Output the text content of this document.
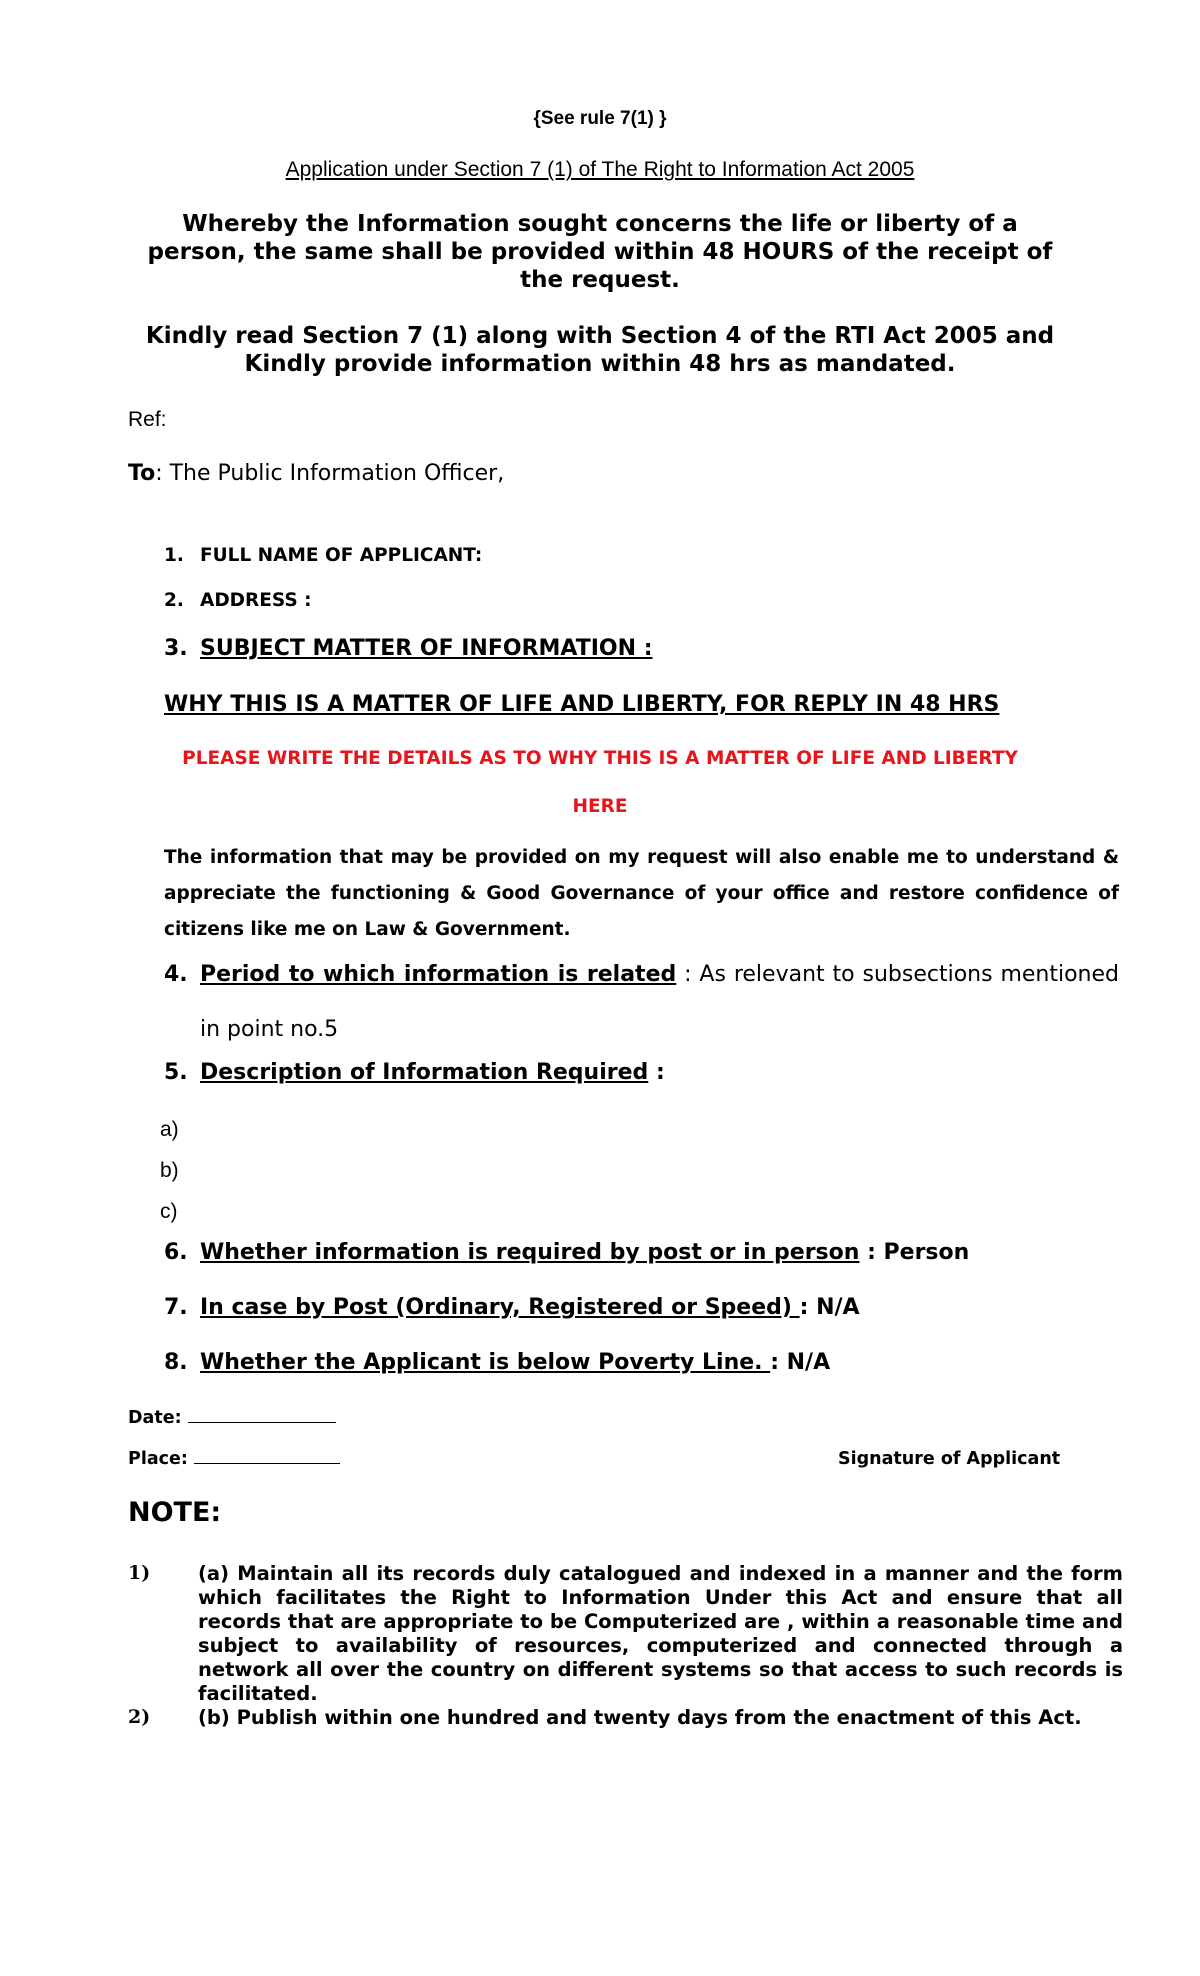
{See rule 7(1) }
Application under Section 7 (1) of The Right to Information Act 2005
Whereby the Information sought concerns the life or liberty of a person, the same shall be provided within 48 HOURS of the receipt of the request.
Kindly read Section 7 (1) along with Section 4 of the RTI Act 2005 and Kindly provide information within 48 hrs as mandated.
Ref:
To: The Public Information Officer,
1. FULL NAME OF APPLICANT:
2. ADDRESS :
3. SUBJECT MATTER OF INFORMATION :
WHY THIS IS A MATTER OF LIFE AND LIBERTY, FOR REPLY IN 48 HRS
PLEASE WRITE THE DETAILS AS TO WHY THIS IS A MATTER OF LIFE AND LIBERTY
HERE
The information that may be provided on my request will also enable me to understand & appreciate the functioning & Good Governance of your office and restore confidence of citizens like me on Law & Government.
4. Period to which information is related : As relevant to subsections mentioned in point no.5
5. Description of Information Required :
a)
b)
c)
6. Whether information is required by post or in person : Person
7. In case by Post (Ordinary, Registered or Speed) : N/A
8. Whether the Applicant is below Poverty Line. : N/A
Date:
Place:	Signature of Applicant
NOTE:
1) (a) Maintain all its records duly catalogued and indexed in a manner and the form which facilitates the Right to Information Under this Act and ensure that all records that are appropriate to be Computerized are , within a reasonable time and subject to availability of resources, computerized and connected through a network all over the country on different systems so that access to such records is facilitated.
2) (b) Publish within one hundred and twenty days from the enactment of this Act.
